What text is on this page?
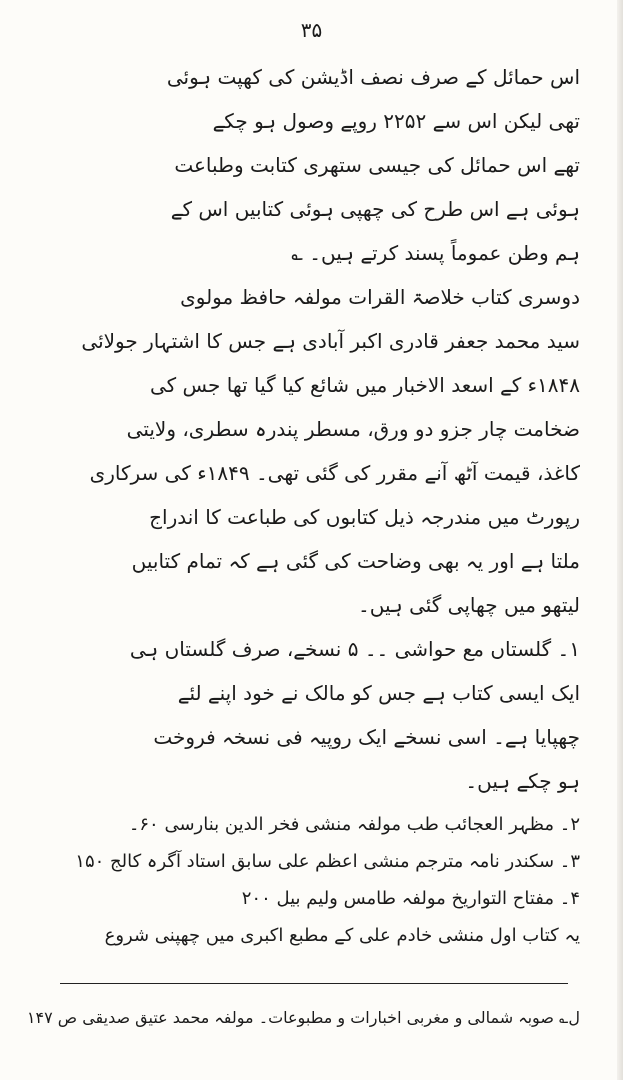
۳۵
اس حمائل کے صرف نصف اڈیشن کی کھپت ہوئی
تھی لیکن اس سے ۲۲۵۲ روپے وصول ہو چکے
تھے اس حمائل کی جیسی ستھری کتابت وطباعت
ہوئی ہے اس طرح کی چھپی ہوئی کتابیں اس کے
ہم وطن عموماً پسند کرتے ہیں۔ ؎
دوسری کتاب خلاصۃ القرات مولفہ حافظ مولوی
سید محمد جعفر قادری اکبر آبادی ہے جس کا اشتہار جولائی
۱۸۴۸ء کے اسعد الاخبار میں شائع کیا گیا تھا جس کی
ضخامت چار جزو دو ورق، مسطر پندرہ سطری، ولایتی
کاغذ، قیمت آٹھ آنے مقرر کی گئی تھی۔ ۱۸۴۹ء کی سرکاری
رپورٹ میں مندرجہ ذیل کتابوں کی طباعت کا اندراج
ملتا ہے اور یہ بھی وضاحت کی گئی ہے کہ تمام کتابیں
لیتھو میں چھاپی گئی ہیں۔
۱۔ گلستاں مع حواشی ۔۔ ۵ نسخے، صرف گلستاں ہی
ایک ایسی کتاب ہے جس کو مالک نے خود اپنے لئے
چھپایا ہے۔ اسی نسخے ایک روپیہ فی نسخہ فروخت
ہو چکے ہیں۔
۲۔ مظہر العجائب طب مولفہ منشی فخر الدین بنارسی ۶۰۔
۳۔ سکندر نامہ مترجم منشی اعظم علی سابق استاد آگرہ کالج ۱۵۰
۴۔ مفتاح التواریخ مولفہ طامس ولیم بیل ۲۰۰
یہ کتاب اول منشی خادم علی کے مطبع اکبری میں چھپنی شروع
ل؎ صوبہ شمالی و مغربی اخبارات و مطبوعات۔ مولفہ محمد عتیق صدیقی ص ۱۴۷
